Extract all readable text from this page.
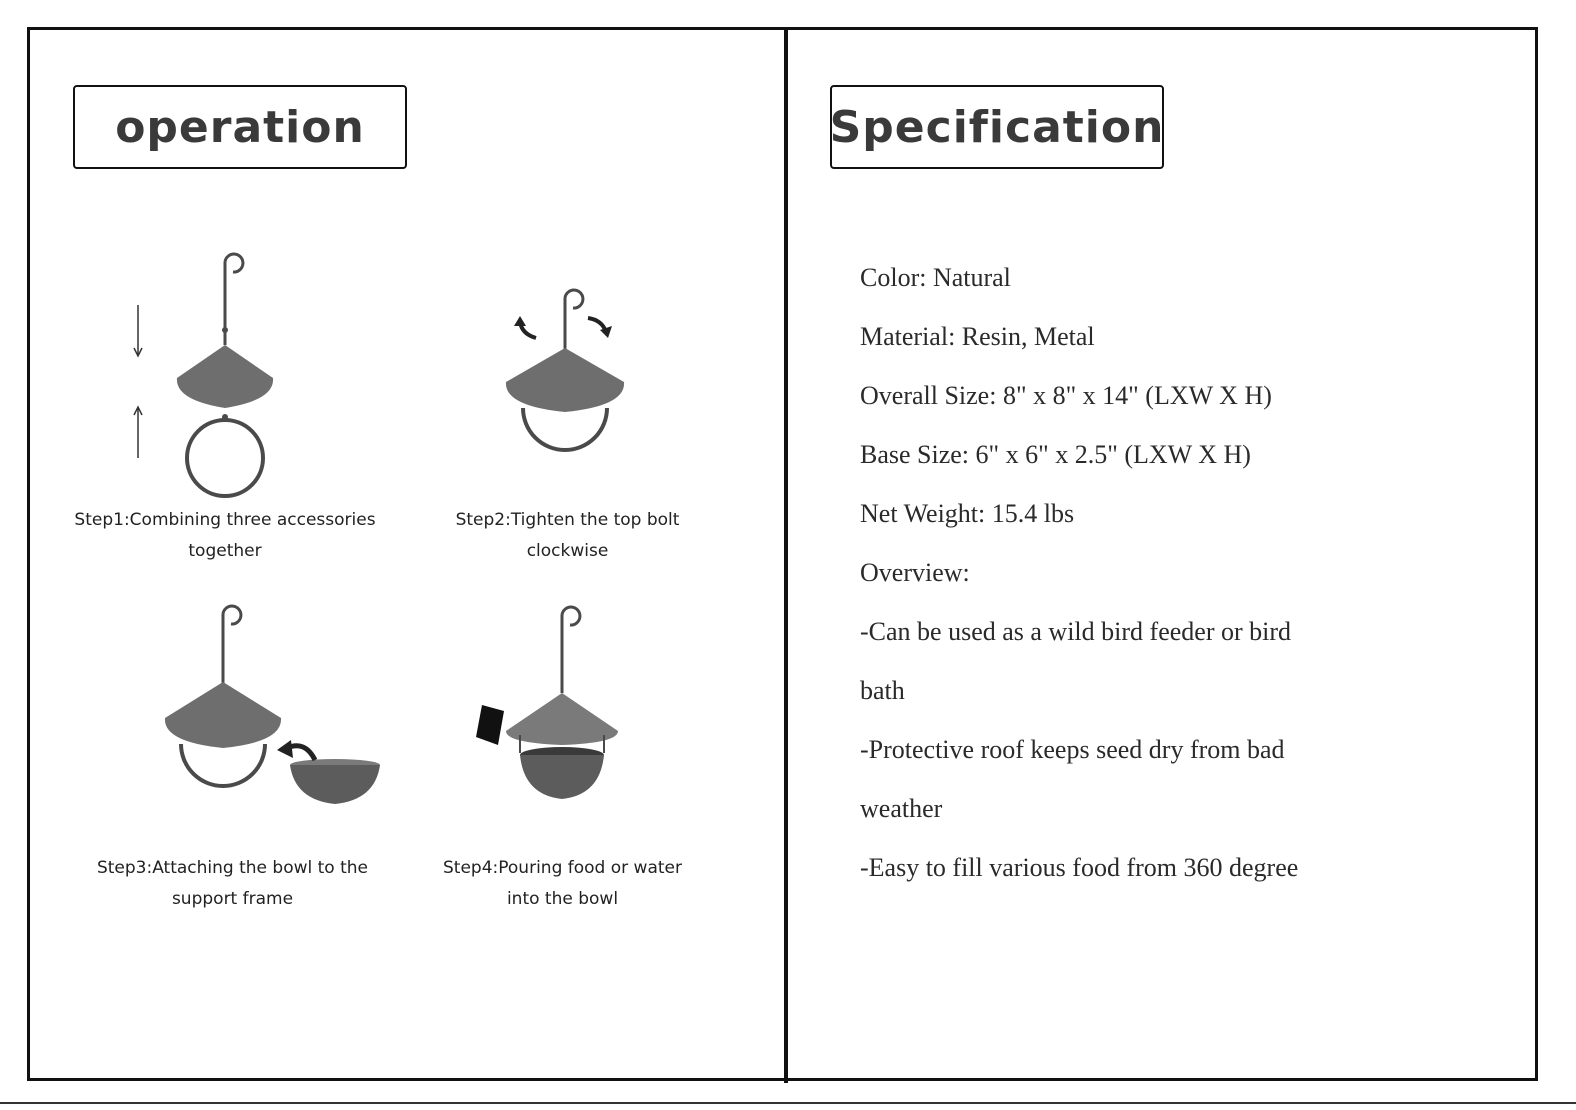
operation
Step1:Combining three accessories
together
Step2:Tighten the top bolt
clockwise
Step3:Attaching the bowl to the
support frame
Step4:Pouring food or water
into the bowl
Specification
Color: Natural
Material: Resin, Metal
Overall Size: 8" x 8" x 14" (LXW X H)
Base Size: 6" x 6" x 2.5" (LXW X H)
Net Weight: 15.4 lbs
Overview:
-Can be used as a wild bird feeder or bird
bath
-Protective roof keeps seed dry from bad
weather
-Easy to fill various food from 360 degree
